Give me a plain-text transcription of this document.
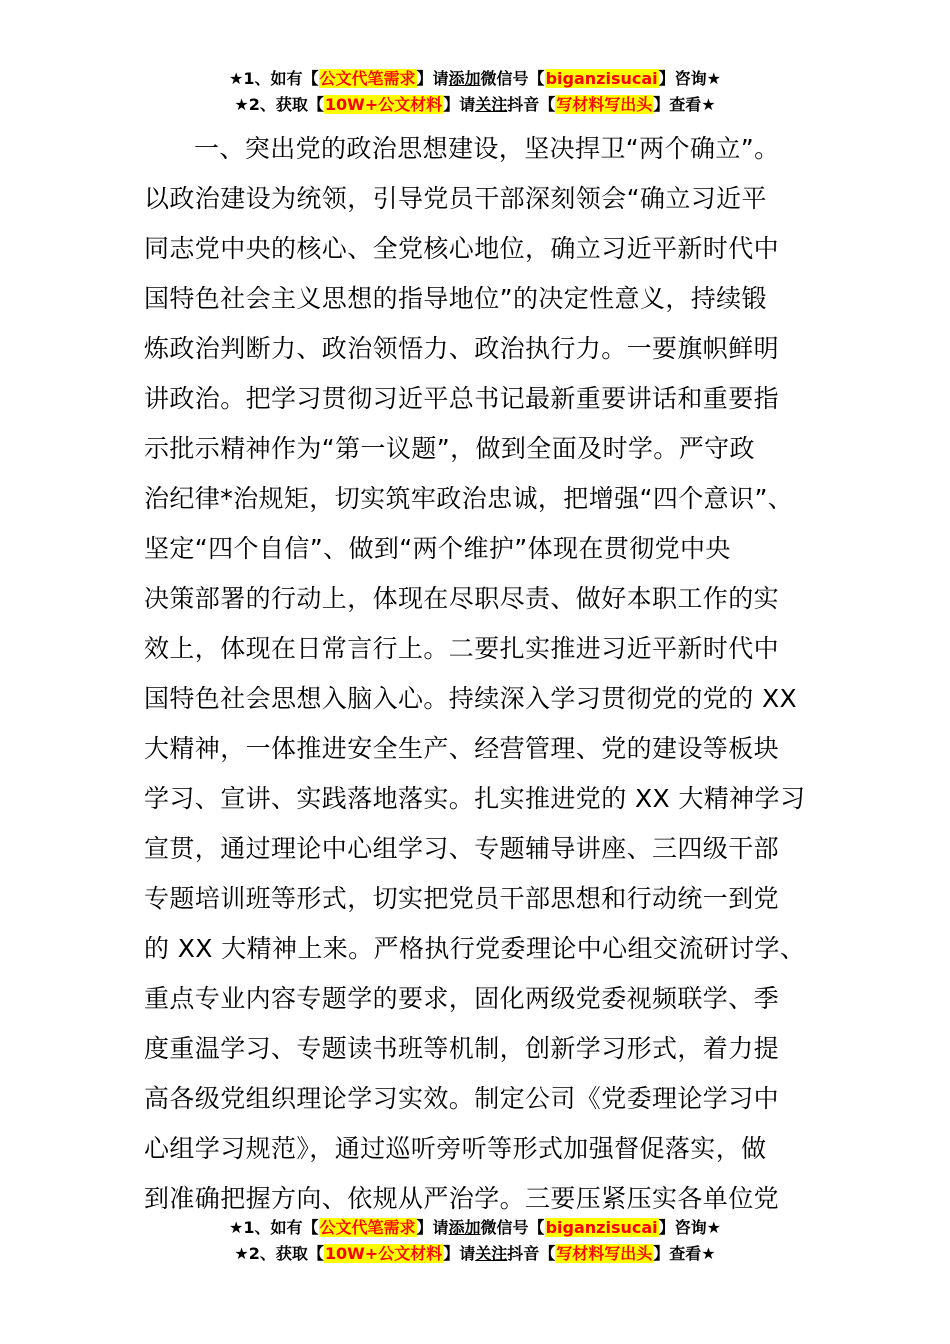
★1、如有【公文代笔需求】请添加微信号【biganzisucai】咨询★
★2、获取【10W+公文材料】请关注抖音【写材料写出头】查看★
一、突出党的政治思想建设，坚决捍卫“两个确立”。
以政治建设为统领，引导党员干部深刻领会“确立习近平
同志党中央的核心、全党核心地位，确立习近平新时代中
国特色社会主义思想的指导地位”的决定性意义，持续锻
炼政治判断力、政治领悟力、政治执行力。一要旗帜鲜明
讲政治。把学习贯彻习近平总书记最新重要讲话和重要指
示批示精神作为“第一议题”，做到全面及时学。严守政
治纪律*治规矩，切实筑牢政治忠诚，把增强“四个意识”、
坚定“四个自信”、做到“两个维护”体现在贯彻党中央
决策部署的行动上，体现在尽职尽责、做好本职工作的实
效上，体现在日常言行上。二要扎实推进习近平新时代中
国特色社会思想入脑入心。持续深入学习贯彻党的党的 XX
大精神，一体推进安全生产、经营管理、党的建设等板块
学习、宣讲、实践落地落实。扎实推进党的 XX 大精神学习
宣贯，通过理论中心组学习、专题辅导讲座、三四级干部
专题培训班等形式，切实把党员干部思想和行动统一到党
的 XX 大精神上来。严格执行党委理论中心组交流研讨学、
重点专业内容专题学的要求，固化两级党委视频联学、季
度重温学习、专题读书班等机制，创新学习形式，着力提
高各级党组织理论学习实效。制定公司《党委理论学习中
心组学习规范》，通过巡听旁听等形式加强督促落实，做
到准确把握方向、依规从严治学。三要压紧压实各单位党
★1、如有【公文代笔需求】请添加微信号【biganzisucai】咨询★
★2、获取【10W+公文材料】请关注抖音【写材料写出头】查看★
